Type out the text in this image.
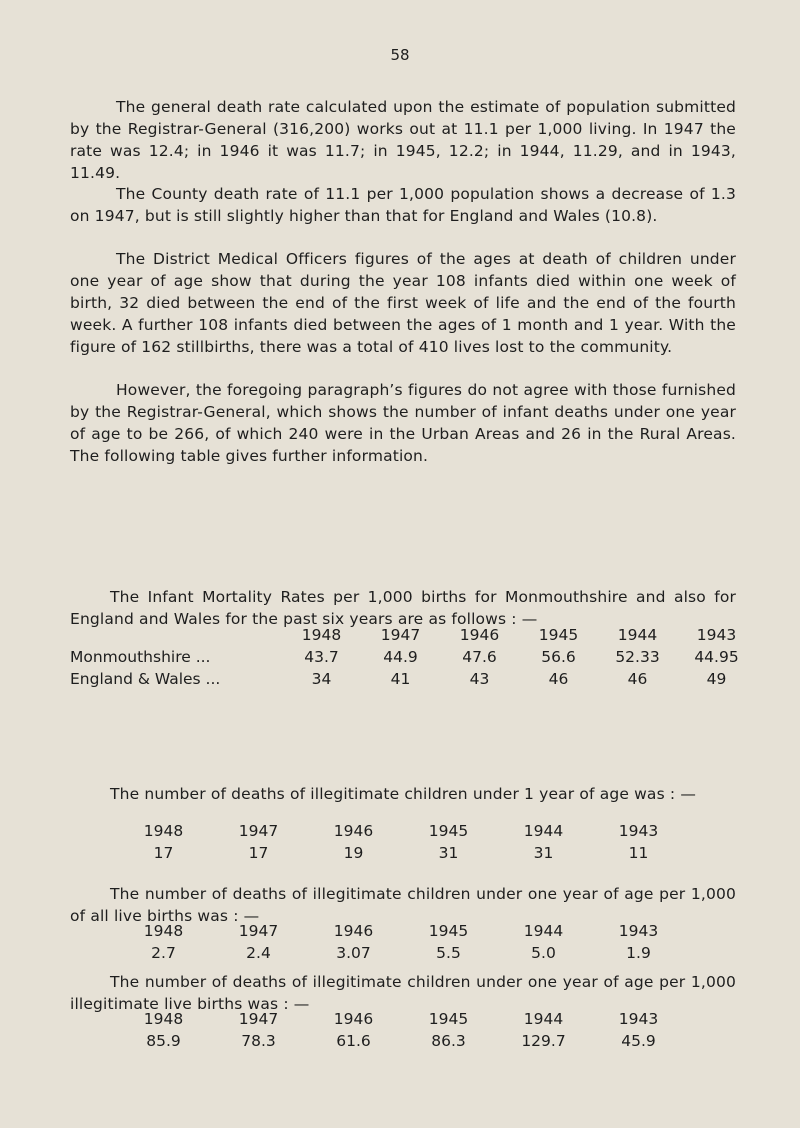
58

The general death rate calculated upon the estimate of population submitted by the Registrar-General (316,200) works out at 11.1 per 1,000 living. In 1947 the rate was 12.4; in 1946 it was 11.7; in 1945, 12.2; in 1944, 11.29, and in 1943, 11.49.

The County death rate of 11.1 per 1,000 population shows a decrease of 1.3 on 1947, but is still slightly higher than that for England and Wales (10.8).

The District Medical Officers figures of the ages at death of children under one year of age show that during the year 108 infants died within one week of birth, 32 died between the end of the first week of life and the end of the fourth week. A further 108 infants died between the ages of 1 month and 1 year. With the figure of 162 stillbirths, there was a total of 410 lives lost to the community.

However, the foregoing paragraph’s figures do not agree with those furnished by the Registrar-General, which shows the number of infant deaths under one year of age to be 266, of which 240 were in the Urban Areas and 26 in the Rural Areas. The following table gives further information.

The Infant Mortality Rates per 1,000 births for Monmouthshire and also for England and Wales for the past six years are as follows : —

	1948	1947	1946	1945	1944	1943
Monmouthshire ...	43.7	44.9	47.6	56.6	52.33	44.95
England & Wales ...	34	41	43	46	46	49

The number of deaths of illegitimate children under 1 year of age was : —

1948	1947	1946	1945	1944	1943
17	17	19	31	31	11

The number of deaths of illegitimate children under one year of age per 1,000 of all live births was : —

1948	1947	1946	1945	1944	1943
2.7	2.4	3.07	5.5	5.0	1.9

The number of deaths of illegitimate children under one year of age per 1,000 illegitimate live births was : —

1948	1947	1946	1945	1944	1943
85.9	78.3	61.6	86.3	129.7	45.9
